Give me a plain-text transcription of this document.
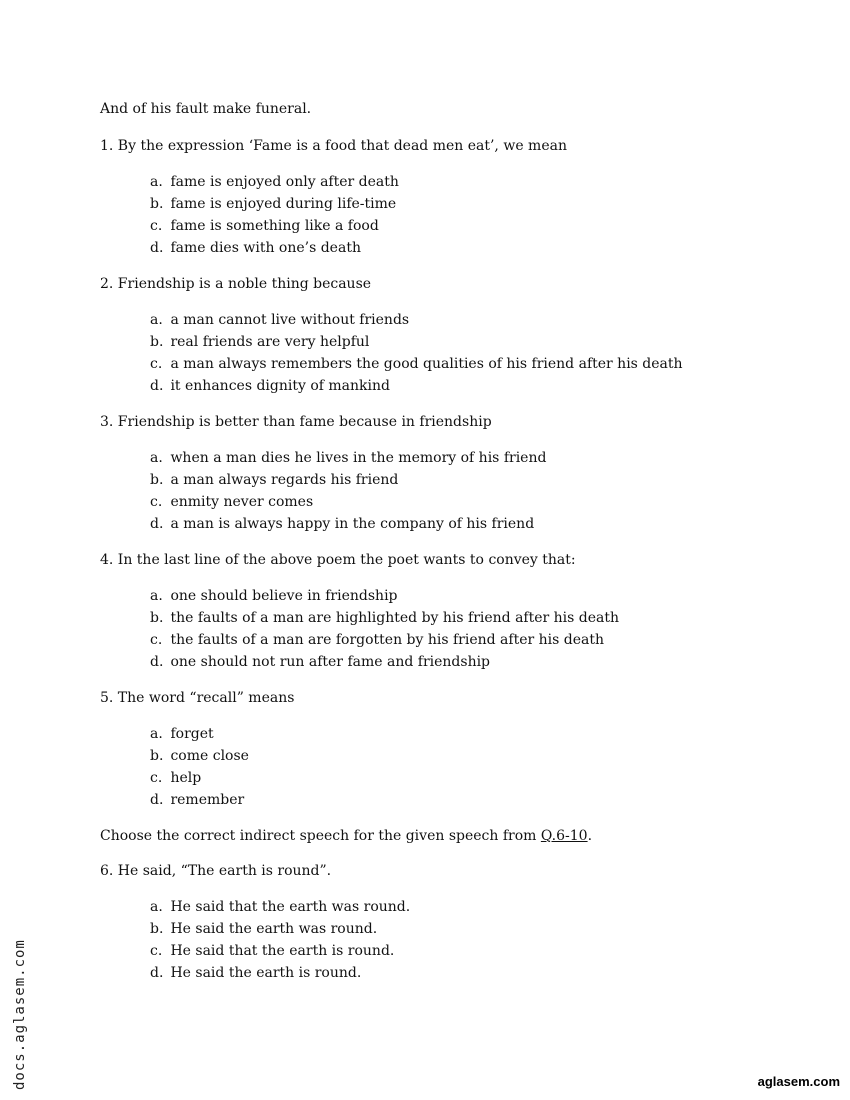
And of his fault make funeral.

1. By the expression ‘Fame is a food that dead men eat’, we mean

a. fame is enjoyed only after death
b. fame is enjoyed during life-time
c. fame is something like a food
d. fame dies with one’s death

2. Friendship is a noble thing because

a. a man cannot live without friends
b. real friends are very helpful
c. a man always remembers the good qualities of his friend after his death
d. it enhances dignity of mankind

3. Friendship is better than fame because in friendship

a. when a man dies he lives in the memory of his friend
b. a man always regards his friend
c. enmity never comes
d. a man is always happy in the company of his friend

4. In the last line of the above poem the poet wants to convey that:

a. one should believe in friendship
b. the faults of a man are highlighted by his friend after his death
c. the faults of a man are forgotten by his friend after his death
d. one should not run after fame and friendship

5. The word “recall” means

a. forget
b. come close
c. help
d. remember

Choose the correct indirect speech for the given speech from Q.6-10.

6. He said, “The earth is round”.

a. He said that the earth was round.
b. He said the earth was round.
c. He said that the earth is round.
d. He said the earth is round.
docs.aglasem.com	aglasem.com
